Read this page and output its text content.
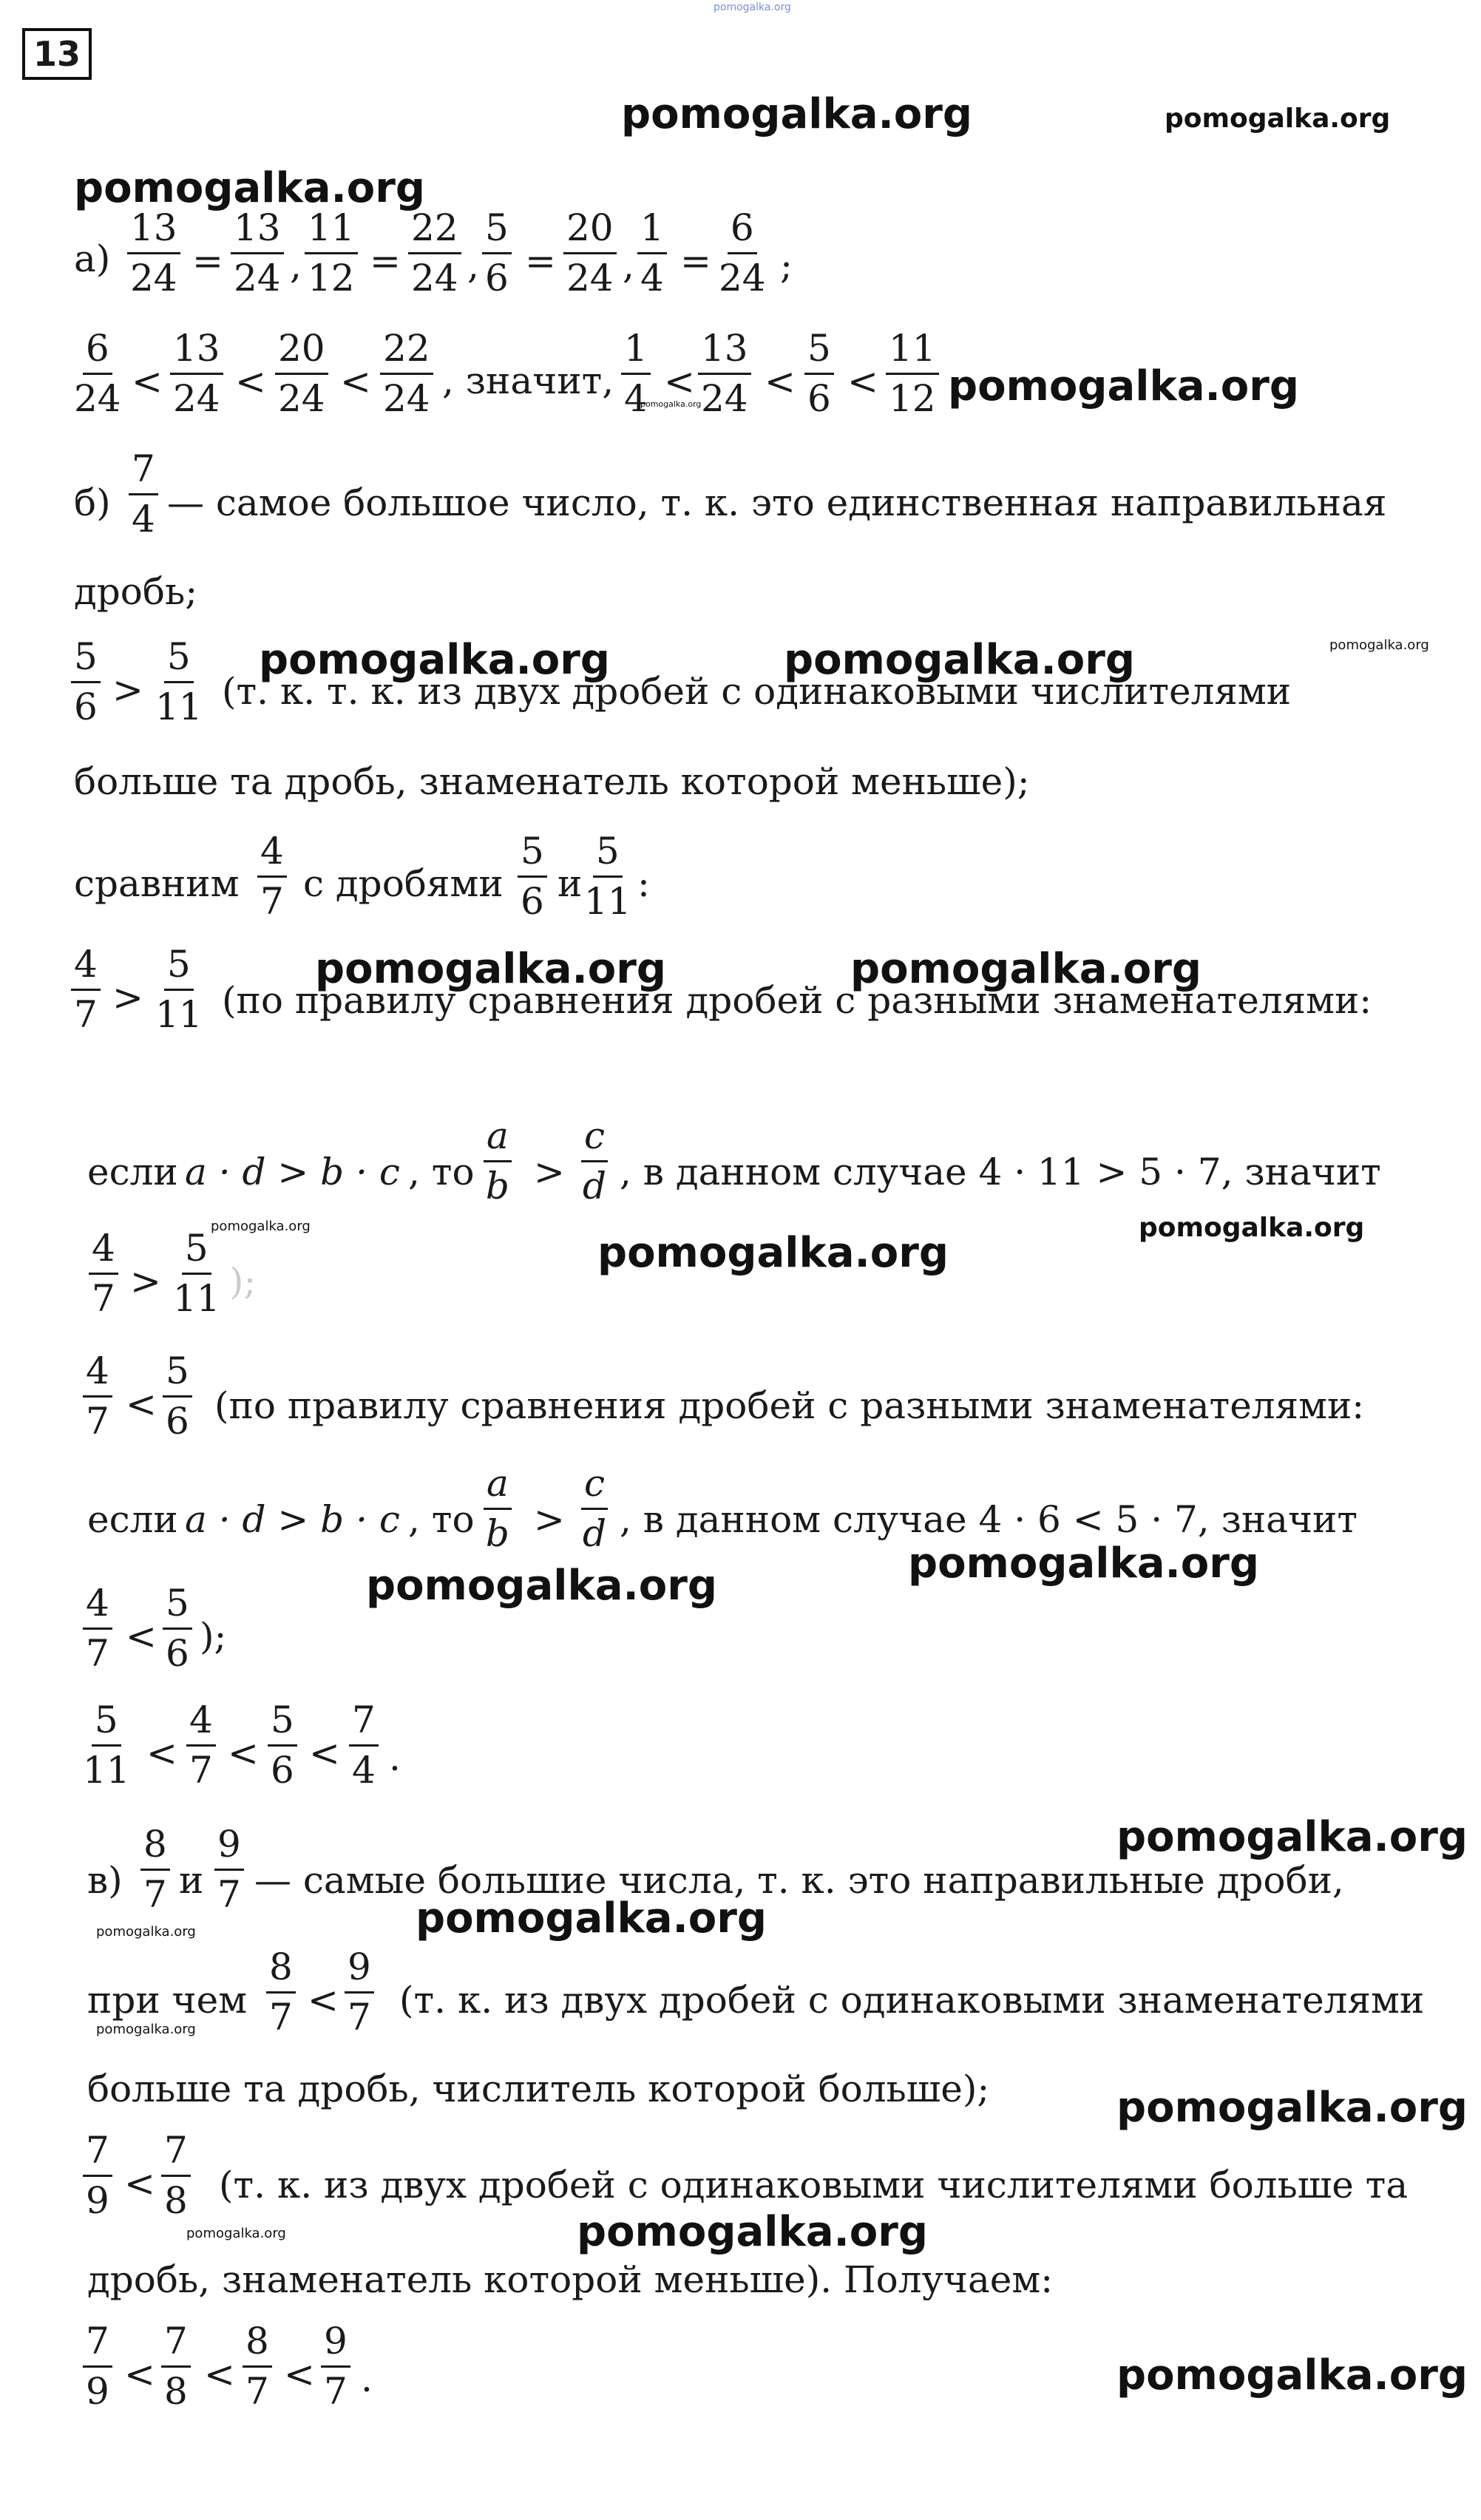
pomogalka.org
13
pomogalka.org	pomogalka.org
pomogalka.org
$а) \frac{13}{24} = \frac{13}{24}$ , $\frac{11}{12} = \frac{22}{24}$ , $\frac{5}{6} = \frac{20}{24}$ , $\frac{1}{4} = \frac{6}{24}$ ;
$\frac{6}{24} < \frac{13}{24} < \frac{20}{24} < \frac{22}{24}$ , значит, $\frac{1}{4} < \frac{13}{24} < \frac{5}{6} < \frac{11}{12}$ pomogalka.org
pomogalka.org
$б) \frac{7}{4}$ — самое большое число, т. к. это единственная направильная
дробь;
$\frac{5}{6} > \frac{5}{11} (т$. к. т. к. из двух дробей с одинаковыми числителями
pomogalka.org	pomogalka.org	pomogalka.org
больше та дробь, знаменатель которой меньше);
сравним $\frac{4}{7}$ с дробями $\frac{5}{6}$ и $\frac{5}{11}$ :
$\frac{4}{7} > \frac{5}{11} (по$ правилу сравнения дробей с разными знаменателями:
pomogalka.org	pomogalka.org
если a · d > b · c , то $\frac{a}{b} > \frac{c}{d}$ , в данном случае 4 · 11 > 5 · 7, значит
pomogalka.org	pomogalka.org
$\frac{4}{7} > \frac{5}{11}$ );
pomogalka.org
$\frac{4}{7} < \frac{5}{6} (по$ правилу сравнения дробей с разными знаменателями:
если a · d > b · c , то $\frac{a}{b} > \frac{c}{d}$ , в данном случае 4 · 6 < 5 · 7, значит
pomogalka.org
pomogalka.org
$\frac{4}{7} < \frac{5}{6}$ );
$\frac{5}{11} < \frac{4}{7} < \frac{5}{6} < \frac{7}{4}$ .
pomogalka.org
$в) \frac{8}{7}$ и $\frac{9}{7}$ — самые большие числа, т. к. это направильные дроби,
pomogalka.org
pomogalka.org
при чем $\frac{8}{7} < \frac{9}{7} (т$. к. из двух дробей с одинаковыми знаменателями
pomogalka.org
больше та дробь, числитель которой больше);	pomogalka.org
$\frac{7}{9} < \frac{7}{8} (т$. к. из двух дробей с одинаковыми числителями больше та
pomogalka.org
pomogalka.org
дробь, знаменатель которой меньше). Получаем:
$\frac{7}{9} < \frac{7}{8} < \frac{8}{7} < \frac{9}{7}$ .	pomogalka.org
